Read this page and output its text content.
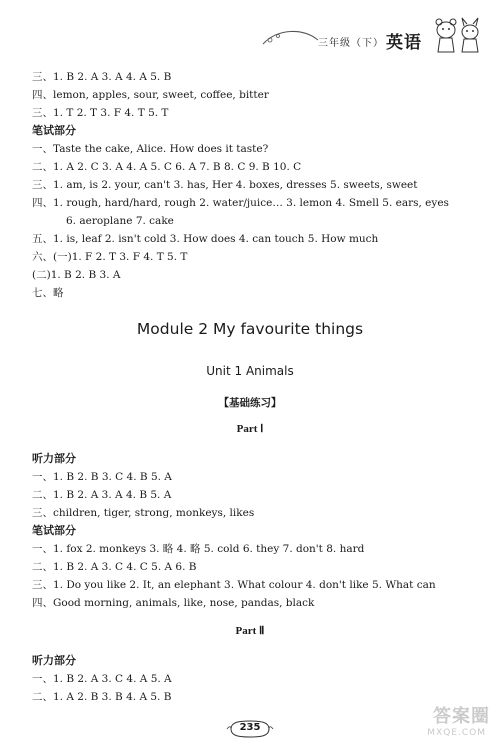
三年级（下） 英语
三、1. B 2. A 3. A 4. A 5. B
四、lemon, apples, sour, sweet, coffee, bitter
三、1. T 2. T 3. F 4. T 5. T
笔试部分
一、Taste the cake, Alice. How does it taste?
二、1. A 2. C 3. A 4. A 5. C 6. A 7. B 8. C 9. B 10. C
三、1. am, is 2. your, can't 3. has, Her 4. boxes, dresses 5. sweets, sweet
四、1. rough, hard/hard, rough 2. water/juice… 3. lemon 4. Smell 5. ears, eyes
6. aeroplane 7. cake
五、1. is, leaf 2. isn't cold 3. How does 4. can touch 5. How much
六、(一)1. F 2. T 3. F 4. T 5. T
(二)1. B 2. B 3. A
七、略
Module 2 My favourite things
Unit 1 Animals
【基础练习】
Part Ⅰ
听力部分
一、1. B 2. B 3. C 4. B 5. A
二、1. B 2. A 3. A 4. B 5. A
三、children, tiger, strong, monkeys, likes
笔试部分
一、1. fox 2. monkeys 3. 略 4. 略 5. cold 6. they 7. don't 8. hard
二、1. B 2. A 3. C 4. C 5. A 6. B
三、1. Do you like 2. It, an elephant 3. What colour 4. don't like 5. What can
四、Good morning, animals, like, nose, pandas, black
Part Ⅱ
听力部分
一、1. B 2. A 3. C 4. A 5. A
二、1. A 2. B 3. B 4. A 5. B
235
答案圈
MXQE.COM
